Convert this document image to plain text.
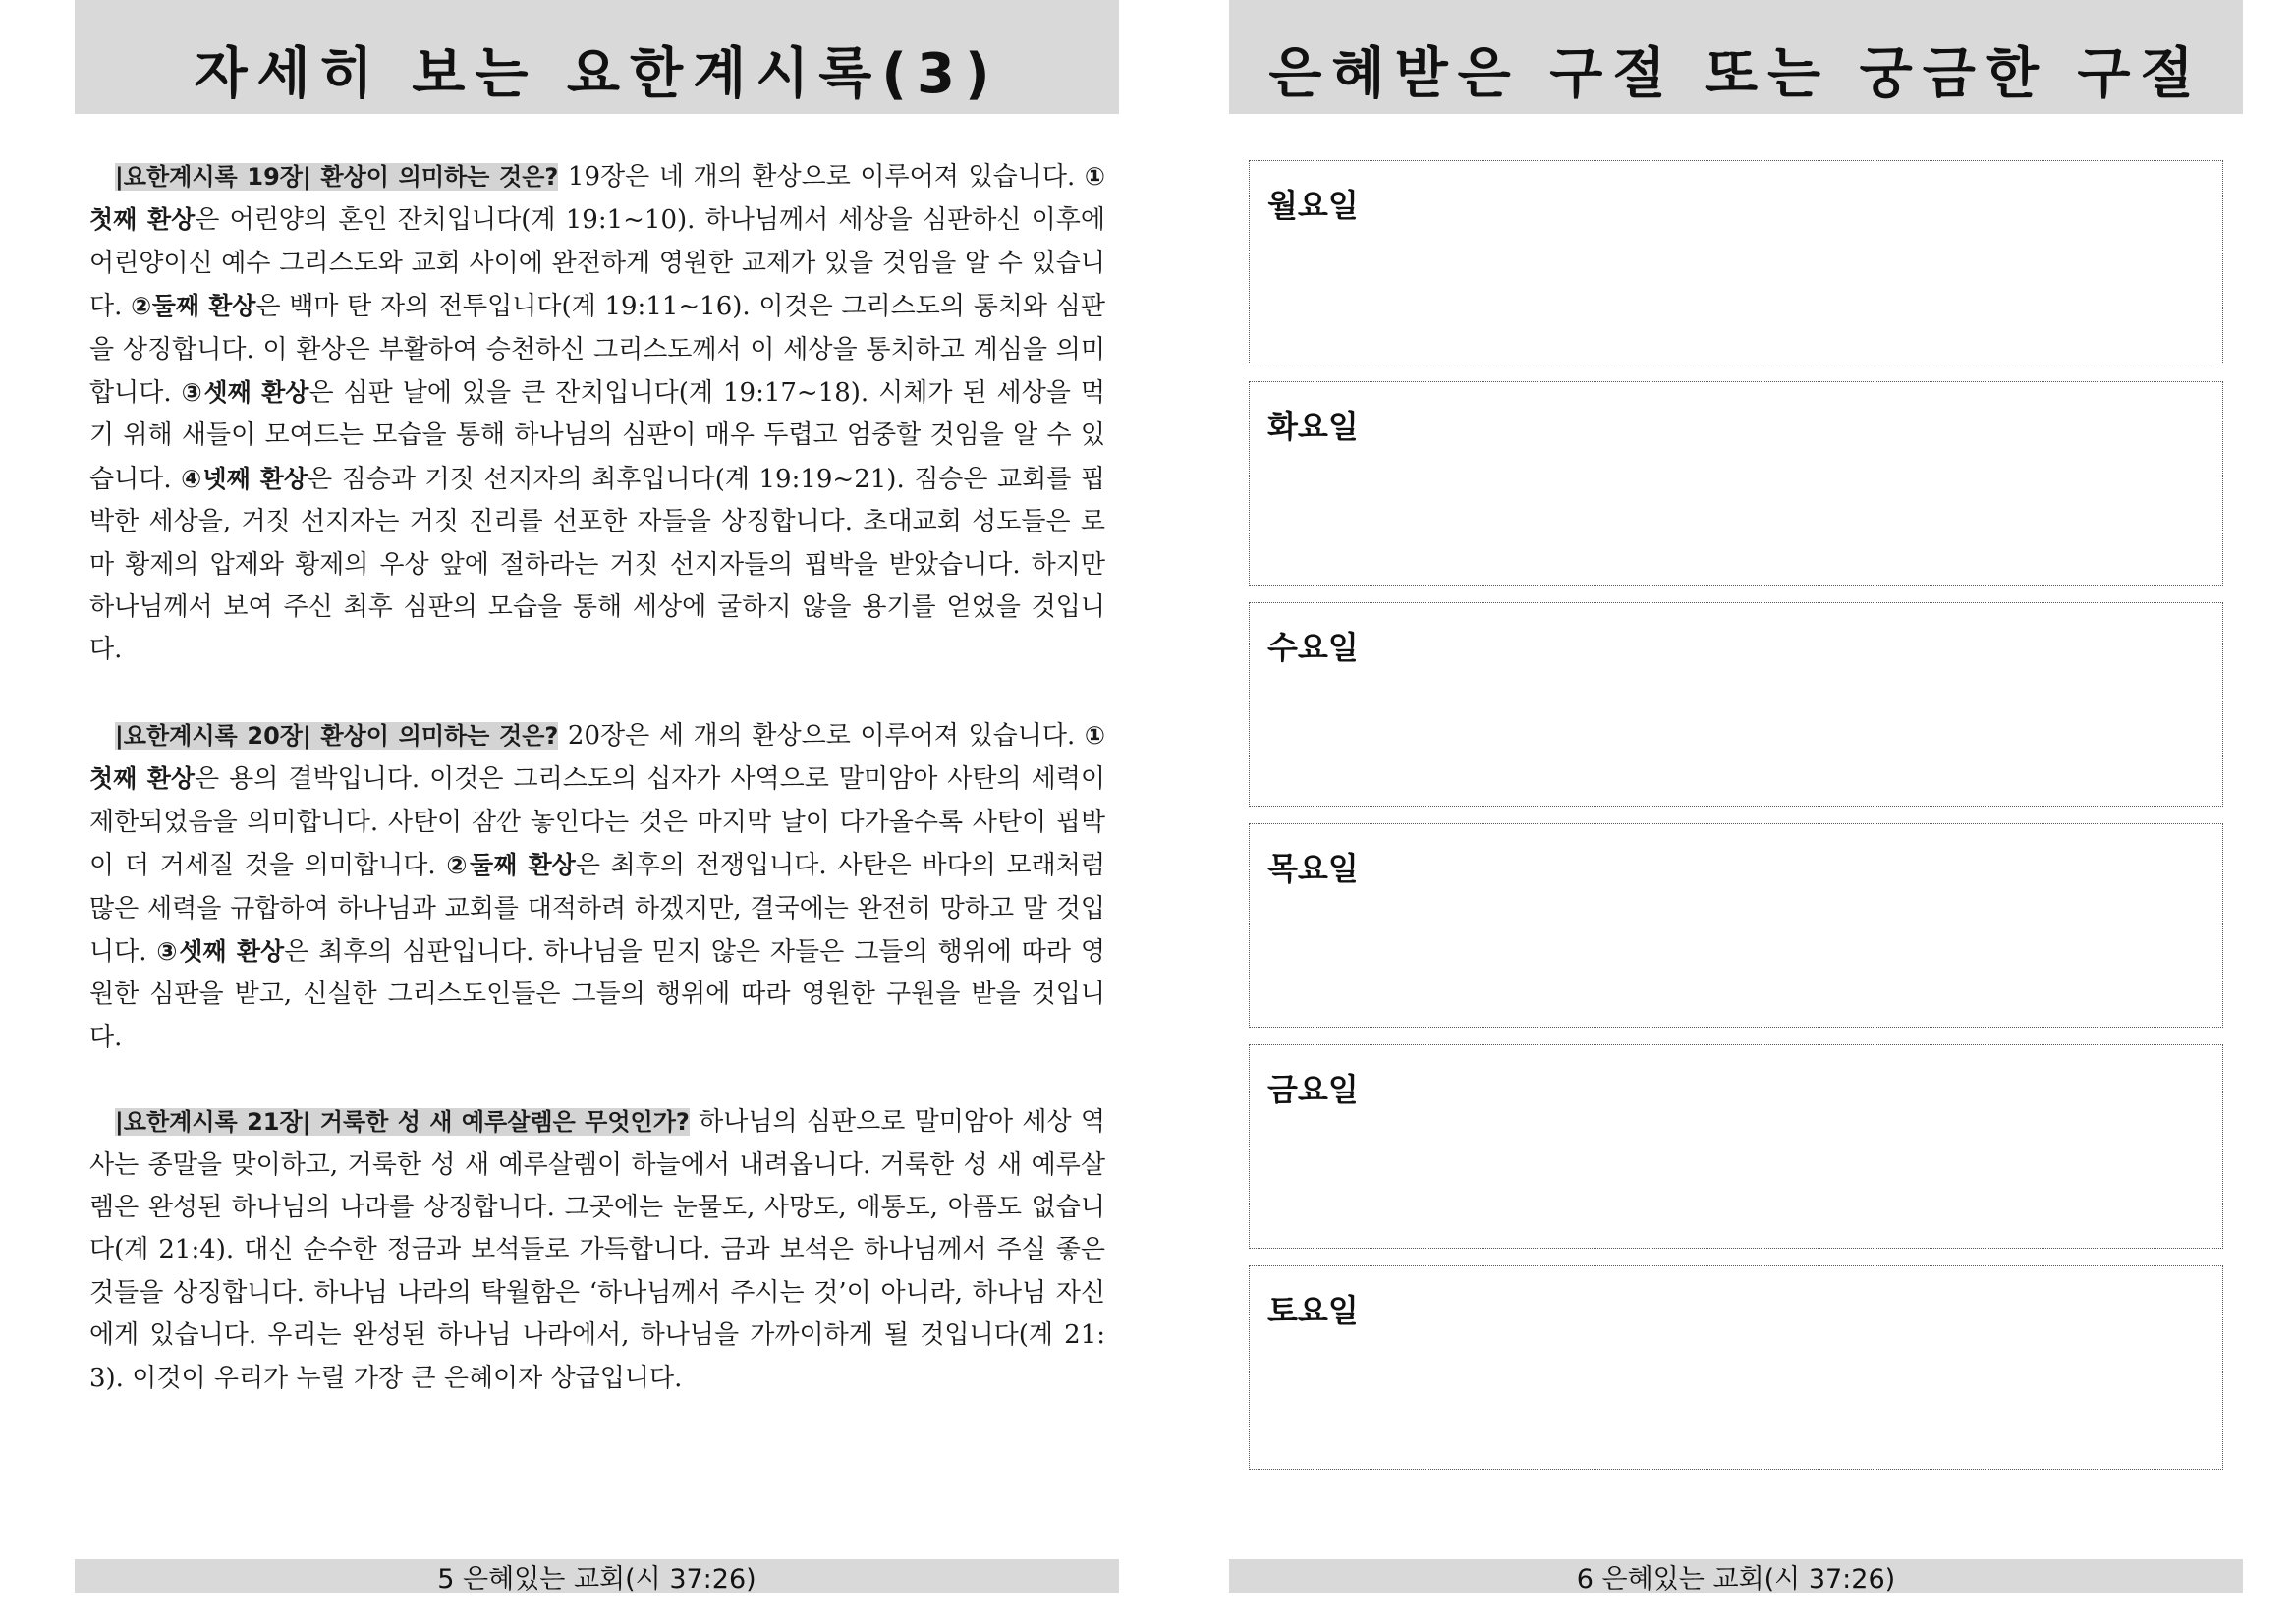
자세히 보는 요한계시록(3)

|요한계시록 19장| 환상이 의미하는 것은? 19장은 네 개의 환상으로 이루어져 있습니다. ①첫째 환상은 어린양의 혼인 잔치입니다(계 19:1~10). 하나님께서 세상을 심판하신 이후에 어린양이신 예수 그리스도와 교회 사이에 완전하게 영원한 교제가 있을 것임을 알 수 있습니다. ②둘째 환상은 백마 탄 자의 전투입니다(계 19:11~16). 이것은 그리스도의 통치와 심판을 상징합니다. 이 환상은 부활하여 승천하신 그리스도께서 이 세상을 통치하고 계심을 의미합니다. ③셋째 환상은 심판 날에 있을 큰 잔치입니다(계 19:17~18). 시체가 된 세상을 먹기 위해 새들이 모여드는 모습을 통해 하나님의 심판이 매우 두렵고 엄중할 것임을 알 수 있습니다. ④넷째 환상은 짐승과 거짓 선지자의 최후입니다(계 19:19~21). 짐승은 교회를 핍박한 세상을, 거짓 선지자는 거짓 진리를 선포한 자들을 상징합니다. 초대교회 성도들은 로마 황제의 압제와 황제의 우상 앞에 절하라는 거짓 선지자들의 핍박을 받았습니다. 하지만 하나님께서 보여 주신 최후 심판의 모습을 통해 세상에 굴하지 않을 용기를 얻었을 것입니다.

|요한계시록 20장| 환상이 의미하는 것은? 20장은 세 개의 환상으로 이루어져 있습니다. ①첫째 환상은 용의 결박입니다. 이것은 그리스도의 십자가 사역으로 말미암아 사탄의 세력이 제한되었음을 의미합니다. 사탄이 잠깐 놓인다는 것은 마지막 날이 다가올수록 사탄이 핍박이 더 거세질 것을 의미합니다. ②둘째 환상은 최후의 전쟁입니다. 사탄은 바다의 모래처럼 많은 세력을 규합하여 하나님과 교회를 대적하려 하겠지만, 결국에는 완전히 망하고 말 것입니다. ③셋째 환상은 최후의 심판입니다. 하나님을 믿지 않은 자들은 그들의 행위에 따라 영원한 심판을 받고, 신실한 그리스도인들은 그들의 행위에 따라 영원한 구원을 받을 것입니다.

|요한계시록 21장| 거룩한 성 새 예루살렘은 무엇인가? 하나님의 심판으로 말미암아 세상 역사는 종말을 맞이하고, 거룩한 성 새 예루살렘이 하늘에서 내려옵니다. 거룩한 성 새 예루살렘은 완성된 하나님의 나라를 상징합니다. 그곳에는 눈물도, 사망도, 애통도, 아픔도 없습니다(계 21:4). 대신 순수한 정금과 보석들로 가득합니다. 금과 보석은 하나님께서 주실 좋은 것들을 상징합니다. 하나님 나라의 탁월함은 ‘하나님께서 주시는 것’이 아니라, 하나님 자신에게 있습니다. 우리는 완성된 하나님 나라에서, 하나님을 가까이하게 될 것입니다(계 21:3). 이것이 우리가 누릴 가장 큰 은혜이자 상급입니다.

5 은혜있는 교회(시 37:26)
은혜받은 구절 또는 궁금한 구절
월요일
화요일
수요일
목요일
금요일
토요일
6 은혜있는 교회(시 37:26)
